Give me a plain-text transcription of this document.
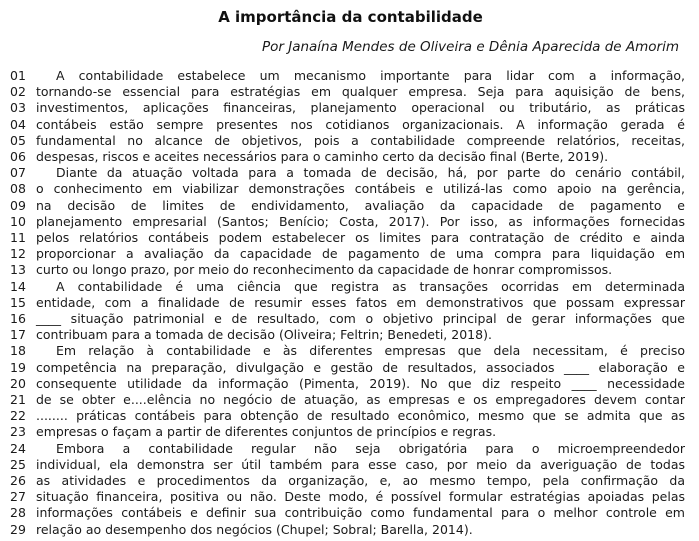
A importância da contabilidade
Por Janaína Mendes de Oliveira e Dênia Aparecida de Amorim
01	A contabilidade estabelece um mecanismo importante para lidar com a informação,
02 tornando-se essencial para estratégias em qualquer empresa. Seja para aquisição de bens,
03 investimentos, aplicações financeiras, planejamento operacional ou tributário, as práticas
04 contábeis estão sempre presentes nos cotidianos organizacionais. A informação gerada é
05 fundamental no alcance de objetivos, pois a contabilidade compreende relatórios, receitas,
06 despesas, riscos e aceites necessários para o caminho certo da decisão final (Berte, 2019).
07	Diante da atuação voltada para a tomada de decisão, há, por parte do cenário contábil,
08 o conhecimento em viabilizar demonstrações contábeis e utilizá-las como apoio na gerência,
09 na decisão de limites de endividamento, avaliação da capacidade de pagamento e
10 planejamento empresarial (Santos; Benício; Costa, 2017). Por isso, as informações fornecidas
11 pelos relatórios contábeis podem estabelecer os limites para contratação de crédito e ainda
12 proporcionar a avaliação da capacidade de pagamento de uma compra para liquidação em
13 curto ou longo prazo, por meio do reconhecimento da capacidade de honrar compromissos.
14	A contabilidade é uma ciência que registra as transações ocorridas em determinada
15 entidade, com a finalidade de resumir esses fatos em demonstrativos que possam expressar
16 ____ situação patrimonial e de resultado, com o objetivo principal de gerar informações que
17 contribuam para a tomada de decisão (Oliveira; Feltrin; Benedeti, 2018).
18	Em relação à contabilidade e às diferentes empresas que dela necessitam, é preciso
19 competência na preparação, divulgação e gestão de resultados, associados ____ elaboração e
20 consequente utilidade da informação (Pimenta, 2019). No que diz respeito ____ necessidade
21 de se obter e....elência no negócio de atuação, as empresas e os empregadores devem contar
22 ........ práticas contábeis para obtenção de resultado econômico, mesmo que se admita que as
23 empresas o façam a partir de diferentes conjuntos de princípios e regras.
24	Embora a contabilidade regular não seja obrigatória para o microempreendedor
25 individual, ela demonstra ser útil também para esse caso, por meio da averiguação de todas
26 as atividades e procedimentos da organização, e, ao mesmo tempo, pela confirmação da
27 situação financeira, positiva ou não. Deste modo, é possível formular estratégias apoiadas pelas
28 informações contábeis e definir sua contribuição como fundamental para o melhor controle em
29 relação ao desempenho dos negócios (Chupel; Sobral; Barella, 2014).
